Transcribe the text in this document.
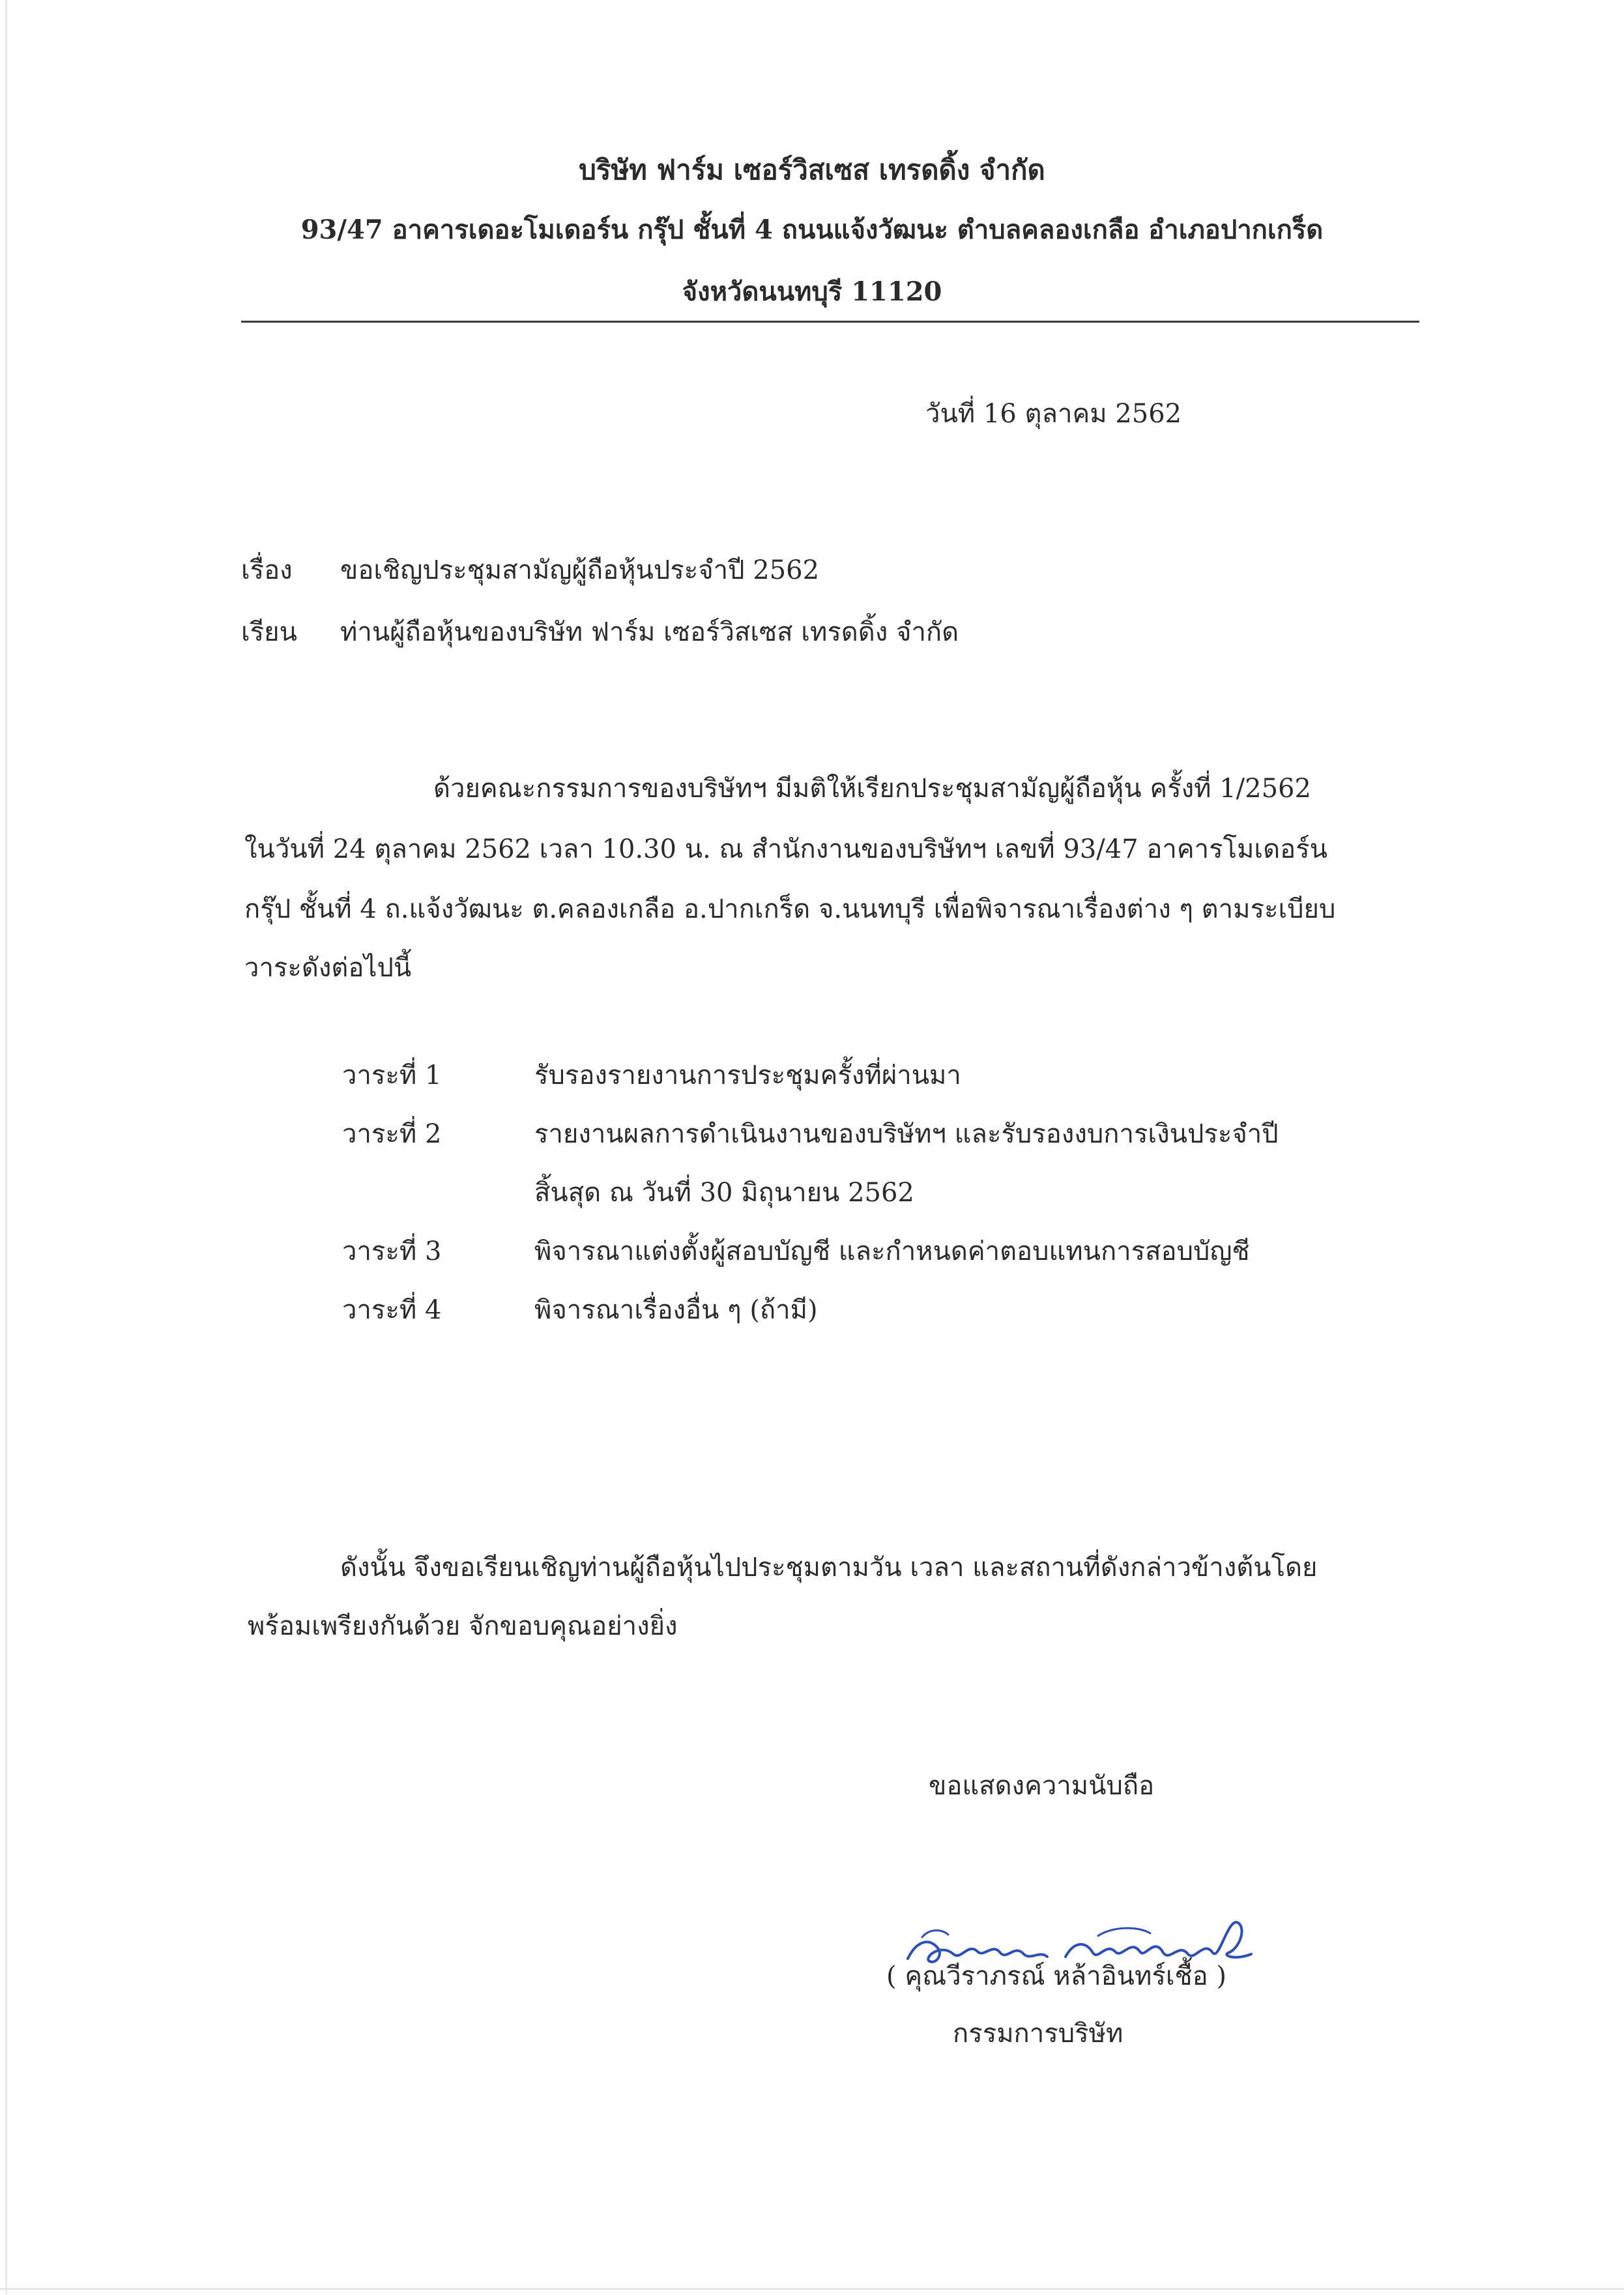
บริษัท ฟาร์ม เซอร์วิสเซส เทรดดิ้ง จำกัด
93/47 อาคารเดอะโมเดอร์น กรุ๊ป ชั้นที่ 4 ถนนแจ้งวัฒนะ ตำบลคลองเกลือ อำเภอปากเกร็ด
จังหวัดนนทบุรี 11120
วันที่ 16 ตุลาคม 2562
เรื่อง ขอเชิญประชุมสามัญผู้ถือหุ้นประจำปี 2562
เรียน ท่านผู้ถือหุ้นของบริษัท ฟาร์ม เซอร์วิสเซส เทรดดิ้ง จำกัด
ด้วยคณะกรรมการของบริษัทฯ มีมติให้เรียกประชุมสามัญผู้ถือหุ้น ครั้งที่ 1/2562
ในวันที่ 24 ตุลาคม 2562 เวลา 10.30 น. ณ สำนักงานของบริษัทฯ เลขที่ 93/47 อาคารโมเดอร์น
กรุ๊ป ชั้นที่ 4 ถ.แจ้งวัฒนะ ต.คลองเกลือ อ.ปากเกร็ด จ.นนทบุรี เพื่อพิจารณาเรื่องต่าง ๆ ตามระเบียบ
วาระดังต่อไปนี้
วาระที่ 1	รับรองรายงานการประชุมครั้งที่ผ่านมา
วาระที่ 2	รายงานผลการดำเนินงานของบริษัทฯ และรับรองงบการเงินประจำปี
สิ้นสุด ณ วันที่ 30 มิถุนายน 2562
วาระที่ 3	พิจารณาแต่งตั้งผู้สอบบัญชี และกำหนดค่าตอบแทนการสอบบัญชี
วาระที่ 4	พิจารณาเรื่องอื่น ๆ (ถ้ามี)
ดังนั้น จึงขอเรียนเชิญท่านผู้ถือหุ้นไปประชุมตามวัน เวลา และสถานที่ดังกล่าวข้างต้นโดย
พร้อมเพรียงกันด้วย จักขอบคุณอย่างยิ่ง
ขอแสดงความนับถือ
( คุณวีราภรณ์ หล้าอินทร์เชื้อ )
กรรมการบริษัท
